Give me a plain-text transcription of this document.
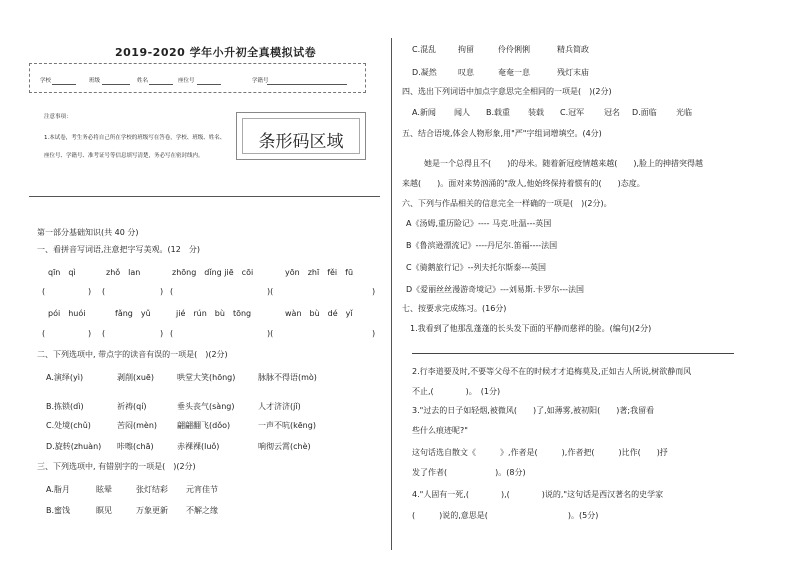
2019-2020 学年小升初全真模拟试卷
学校	班级	姓名	座位号	学籍号
注意事项：
1.本试卷，考生务必将自己所在学校的班级写在答卷，学校、班级、姓名、
座位号、学籍号、准考证号等信息填写清楚，务必写在密封线内。
条形码区域
第一部分基础知识(共 40 分)
一、看拼音写词语,注意把字写美观。(12　分)
qīn　qì	zhǒ　lan	zhōng　dǐng jiē　cōi	yōn　zhī　fěi　fū
(	) (	) (	)(	)
pói　huói	fǎng　yǔ	jié　rún　bù　tōng	wàn　bù　dé　yǐ
(	) (	) (	)(	)
二、下列选项中, 带点字的读音有误的一项是(　)(2分)
A.演绎(yì)	剥削(xuē)	哄堂大笑(hōng)	脉脉不得语(mò)
B.拣锁(dì)	祈祷(qí)	垂头丧气(sàng)	人才济济(jǐ)
C.处境(chǔ)	苦闷(mèn) 翩翩翻飞(dǒo)	一声不吭(kēng)
D.旋转(zhuàn) 咔嚓(chā)	赤裸裸(luǒ)	响彻云霄(chè)
三、下列选项中, 有错别字的一项是(　)(2分)
A.脂月	眩晕	张灯结彩 元宵佳节
B.蜜饯	瞑见	万象更新 不解之缘
C.混乱	拘留	伶伶俐俐	精兵简政
D.凝然	叹息	奄奄一息	残灯末庙
四、选出下列词语中加点字意思完全相同的一项是(　)(2分)
A.新闻 闻人 B.载重 装载 C.冠军 冠名 D.面临 光临
五、结合语境,体会人物形象,用"严"字组词增填空。(4分)
她是一个总得且不(　　)的母米。随着新冠疫情越来越(　　),脸上的抻措突得越
来越(　　)。面对来势汹涌的"敌人,他始终保持着惯有的(　　)态度。
六、下列与作品相关的信息完全一样确的一项是(　)(2分)。
A《汤姆,重历险记》---- 马克.吐温---英国
B《鲁滨逊漂流记》----丹尼尔.笛福----法国
C《骑鹅旅行记》--列夫托尔斯泰---英国
D《爱丽丝丝漫游奇境记》---刘易斯.卡罗尔---法国
七、按要求完成练习。(16分)
1.我看到了他那乱蓬蓬的长头发下面的平静而慈祥的脸。(编句)(2分)
2.行李道要及时,不要等父母不在的时候才才追梅莫及,正如古人所说,树欲静而风
不止,(　　　　)。　(1分)
3."过去的日子如轻烟,被微风(　　)了,如薄雾,被初阳(　　)著;我留看
些什么痕迹呢?"
这句话选自散文《　　　》,作者是(　　　),作者把(　　　)比作(　　)抒
发了作者(　　　　　　)。(8分)
4."人固有一死,(　　　　),(　　　　)说的,"这句话是西汉著名的史学家
(　　　)说的,意思是(　　　　　　　　　　)。(5分)
